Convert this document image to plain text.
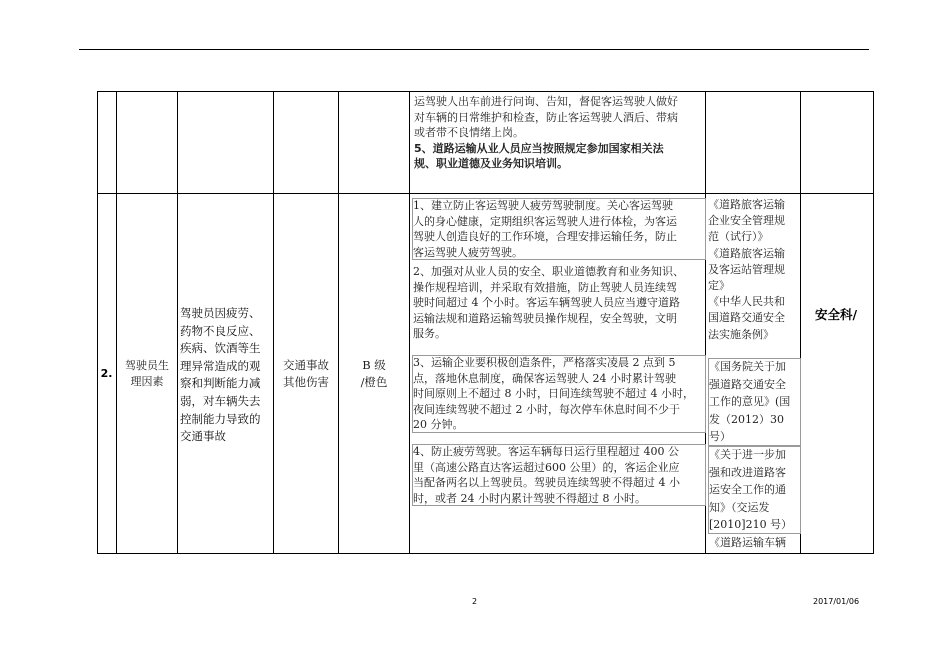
运驾驶人出车前进行问询、告知，督促客运驾驶人做好
对车辆的日常维护和检查，防止客运驾驶人酒后、带病
或者带不良情绪上岗。
5、道路运输从业人员应当按照规定参加国家相关法
规、职业道德及业务知识培训。
2.
驾驶员生
理因素
驾驶员因疲劳、
药物不良反应、
疾病、饮酒等生
理异常造成的观
察和判断能力减
弱，对车辆失去
控制能力导致的
交通事故
交通事故
其他伤害
B 级
/橙色
1、建立防止客运驾驶人疲劳驾驶制度。关心客运驾驶
人的身心健康，定期组织客运驾驶人进行体检，为客运
驾驶人创造良好的工作环境，合理安排运输任务，防止
客运驾驶人疲劳驾驶。
2、加强对从业人员的安全、职业道德教育和业务知识、
操作规程培训，并采取有效措施，防止驾驶人员连续驾
驶时间超过 4 个小时。客运车辆驾驶人员应当遵守道路
运输法规和道路运输驾驶员操作规程，安全驾驶，文明
服务。
3、运输企业要积极创造条件，严格落实凌晨 2 点到 5
点，落地休息制度，确保客运驾驶人 24 小时累计驾驶
时间原则上不超过 8 小时，日间连续驾驶不超过 4 小时，
夜间连续驾驶不超过 2 小时，每次停车休息时间不少于
20 分钟。
4、防止疲劳驾驶。客运车辆每日运行里程超过 400 公
里（高速公路直达客运超过600 公里）的，客运企业应
当配备两名以上驾驶员。驾驶员连续驾驶不得超过 4 小
时，或者 24 小时内累计驾驶不得超过 8 小时。
《道路旅客运输
企业安全管理规
范（试行）》
《道路旅客运输
及客运站管理规
定》
《中华人民共和
国道路交通安全
法实施条例》
《国务院关于加
强道路交通安全
工作的意见》(国
发（2012）30 号）
《关于进一步加
强和改进道路客
运安全工作的通
知》（交运发
[2010]210 号）
《道路运输车辆
安全科/
2	2017/01/06
